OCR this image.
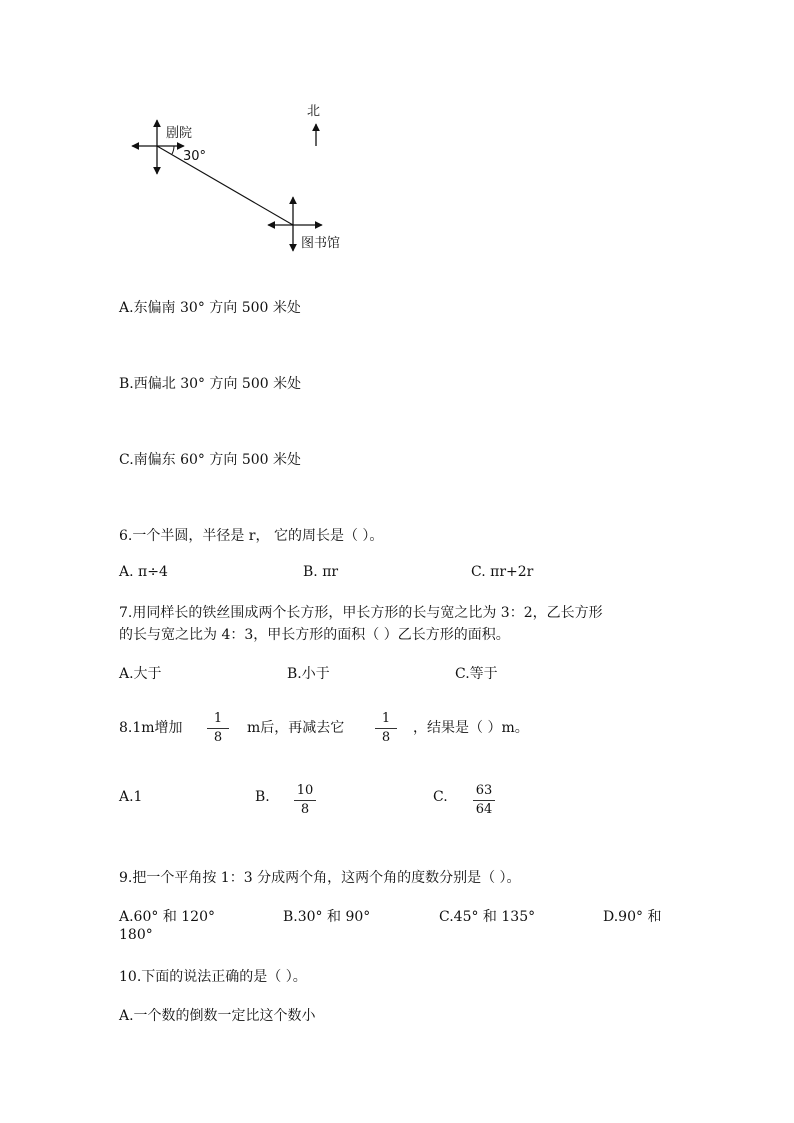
北
剧院
30°
图书馆
A.东偏南 30° 方向 500 米处
B.西偏北 30° 方向 500 米处
C.南偏东 60° 方向 500 米处
6.一个半圆，半径是 r， 它的周长是（ ）。
A. π÷4	B. πr	C. πr+2r
7.用同样长的铁丝围成两个长方形，甲长方形的长与宽之比为 3：2，乙长方形
的长与宽之比为 4：3，甲长方形的面积（ ）乙长方形的面积。
A.大于	B.小于	C.等于
8.1m增加
1
8
m后，再减去它
1
8
，结果是（ ）m。
A.1	B. 10
8
C. 63
64
9.把一个平角按 1：3 分成两个角，这两个角的度数分别是（ ）。
A.60° 和 120°	B.30° 和 90°	C.45° 和 135°	D.90° 和
180°
10.下面的说法正确的是（ ）。
A.一个数的倒数一定比这个数小
